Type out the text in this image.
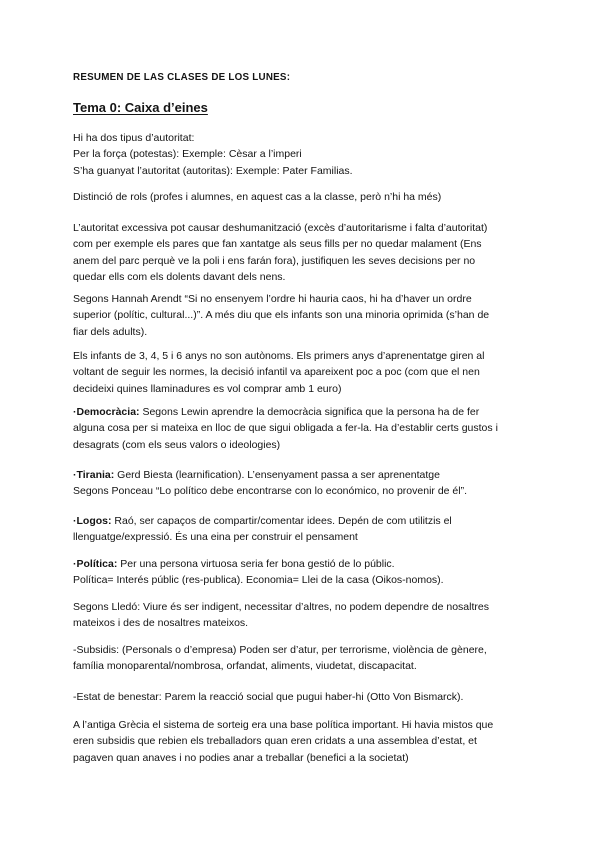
RESUMEN DE LAS CLASES DE LOS LUNES:
Tema 0: Caixa d’eines
Hi ha dos tipus d’autoritat:
Per la força (potestas): Exemple: Cèsar a l’imperi
S’ha guanyat l’autoritat (autoritas): Exemple: Pater Familias.
Distinció de rols (profes i alumnes, en aquest cas a la classe, però n’hi ha més)
L’autoritat excessiva pot causar deshumanització (excès d’autoritarisme i falta d’autoritat)
com per exemple els pares que fan xantatge als seus fills per no quedar malament (Ens
anem del parc perquè ve la poli i ens farán fora), justifiquen les seves decisions per no
quedar ells com els dolents davant dels nens.
Segons Hannah Arendt “Si no ensenyem l’ordre hi hauria caos, hi ha d’haver un ordre
superior (polític, cultural...)”. A més diu que els infants son una minoria oprimida (s’han de
fiar dels adults).
Els infants de 3, 4, 5 i 6 anys no son autònoms. Els primers anys d’aprenentatge giren al
voltant de seguir les normes, la decisió infantil va apareixent poc a poc (com que el nen
decideixi quines llaminadures es vol comprar amb 1 euro)
·Democràcia: Segons Lewin aprendre la democràcia significa que la persona ha de fer
alguna cosa per si mateixa en lloc de que sigui obligada a fer-la. Ha d’establir certs gustos i
desagrats (com els seus valors o ideologies)
·Tirania: Gerd Biesta (learnification). L’ensenyament passa a ser aprenentatge
Segons Ponceau “Lo político debe encontrarse con lo económico, no provenir de él”.
·Logos: Raó, ser capaços de compartir/comentar idees. Depén de com utilitzis el
llenguatge/expressió. És una eina per construir el pensament
·Política: Per una persona virtuosa seria fer bona gestió de lo públic.
Política= Interés públic (res-publica). Economia= Llei de la casa (Oikos-nomos).
Segons Lledó: Viure és ser indigent, necessitar d’altres, no podem dependre de nosaltres
mateixos i des de nosaltres mateixos.
-Subsidis: (Personals o d’empresa) Poden ser d’atur, per terrorisme, violència de gènere,
família monoparental/nombrosa, orfandat, aliments, viudetat, discapacitat.
-Estat de benestar: Parem la reacció social que pugui haber-hi (Otto Von Bismarck).
A l’antiga Grècia el sistema de sorteig era una base política important. Hi havia mistos que
eren subsidis que rebien els treballadors quan eren cridats a una assemblea d’estat, et
pagaven quan anaves i no podies anar a treballar (benefici a la societat)
